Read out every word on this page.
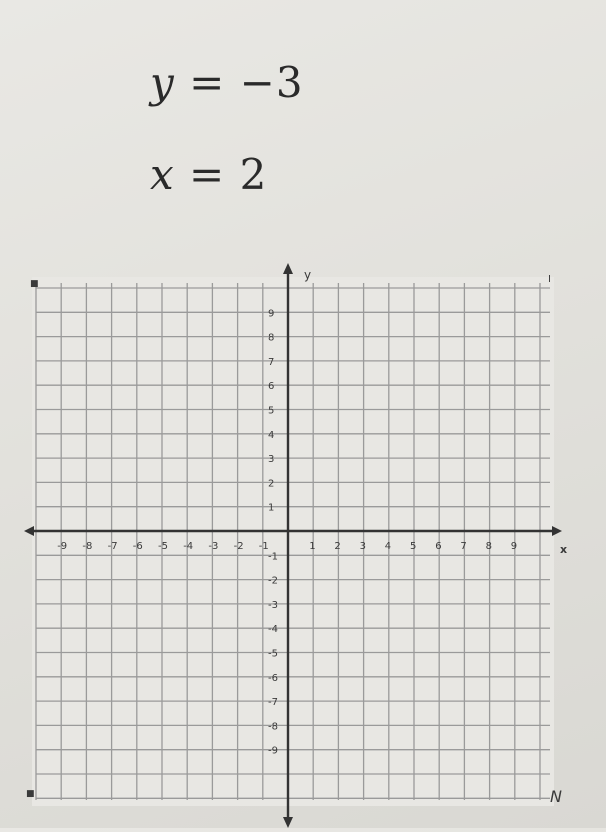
y = −3
x = 2
x
y
-9 -8 -7 -6 -5 -4 -3 -2 -1	1 2 3 4 5 6 7 8 9
9
8
7
6
5
4
3
2
1
-1
-2
-3
-4
-5
-6
-7
-8
-9
■	I
■	N
